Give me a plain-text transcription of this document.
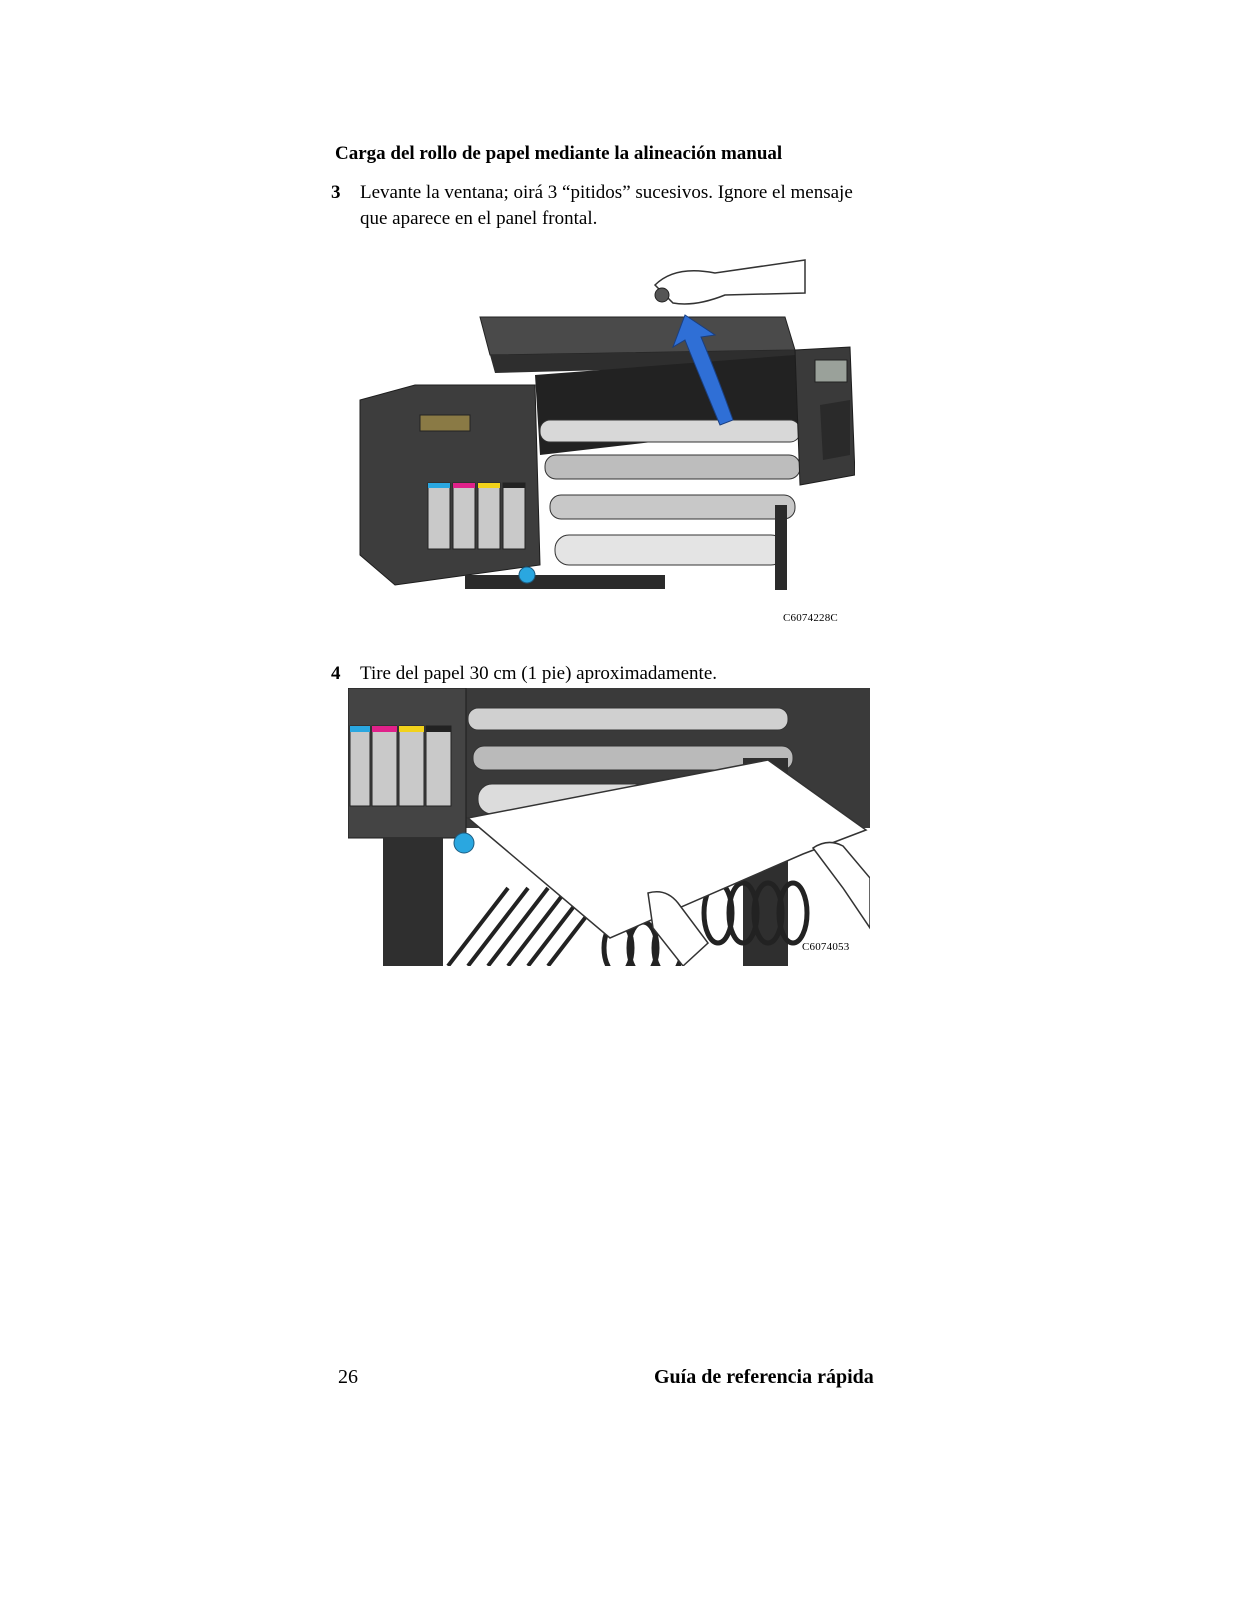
Carga del rollo de papel mediante la alineación manual
3 Levante la ventana; oirá 3 “pitidos” sucesivos. Ignore el mensaje que aparece en el panel frontal.
C6074228C
4 Tire del papel 30 cm (1 pie) aproximadamente.
C6074053
26	Guía de referencia rápida
